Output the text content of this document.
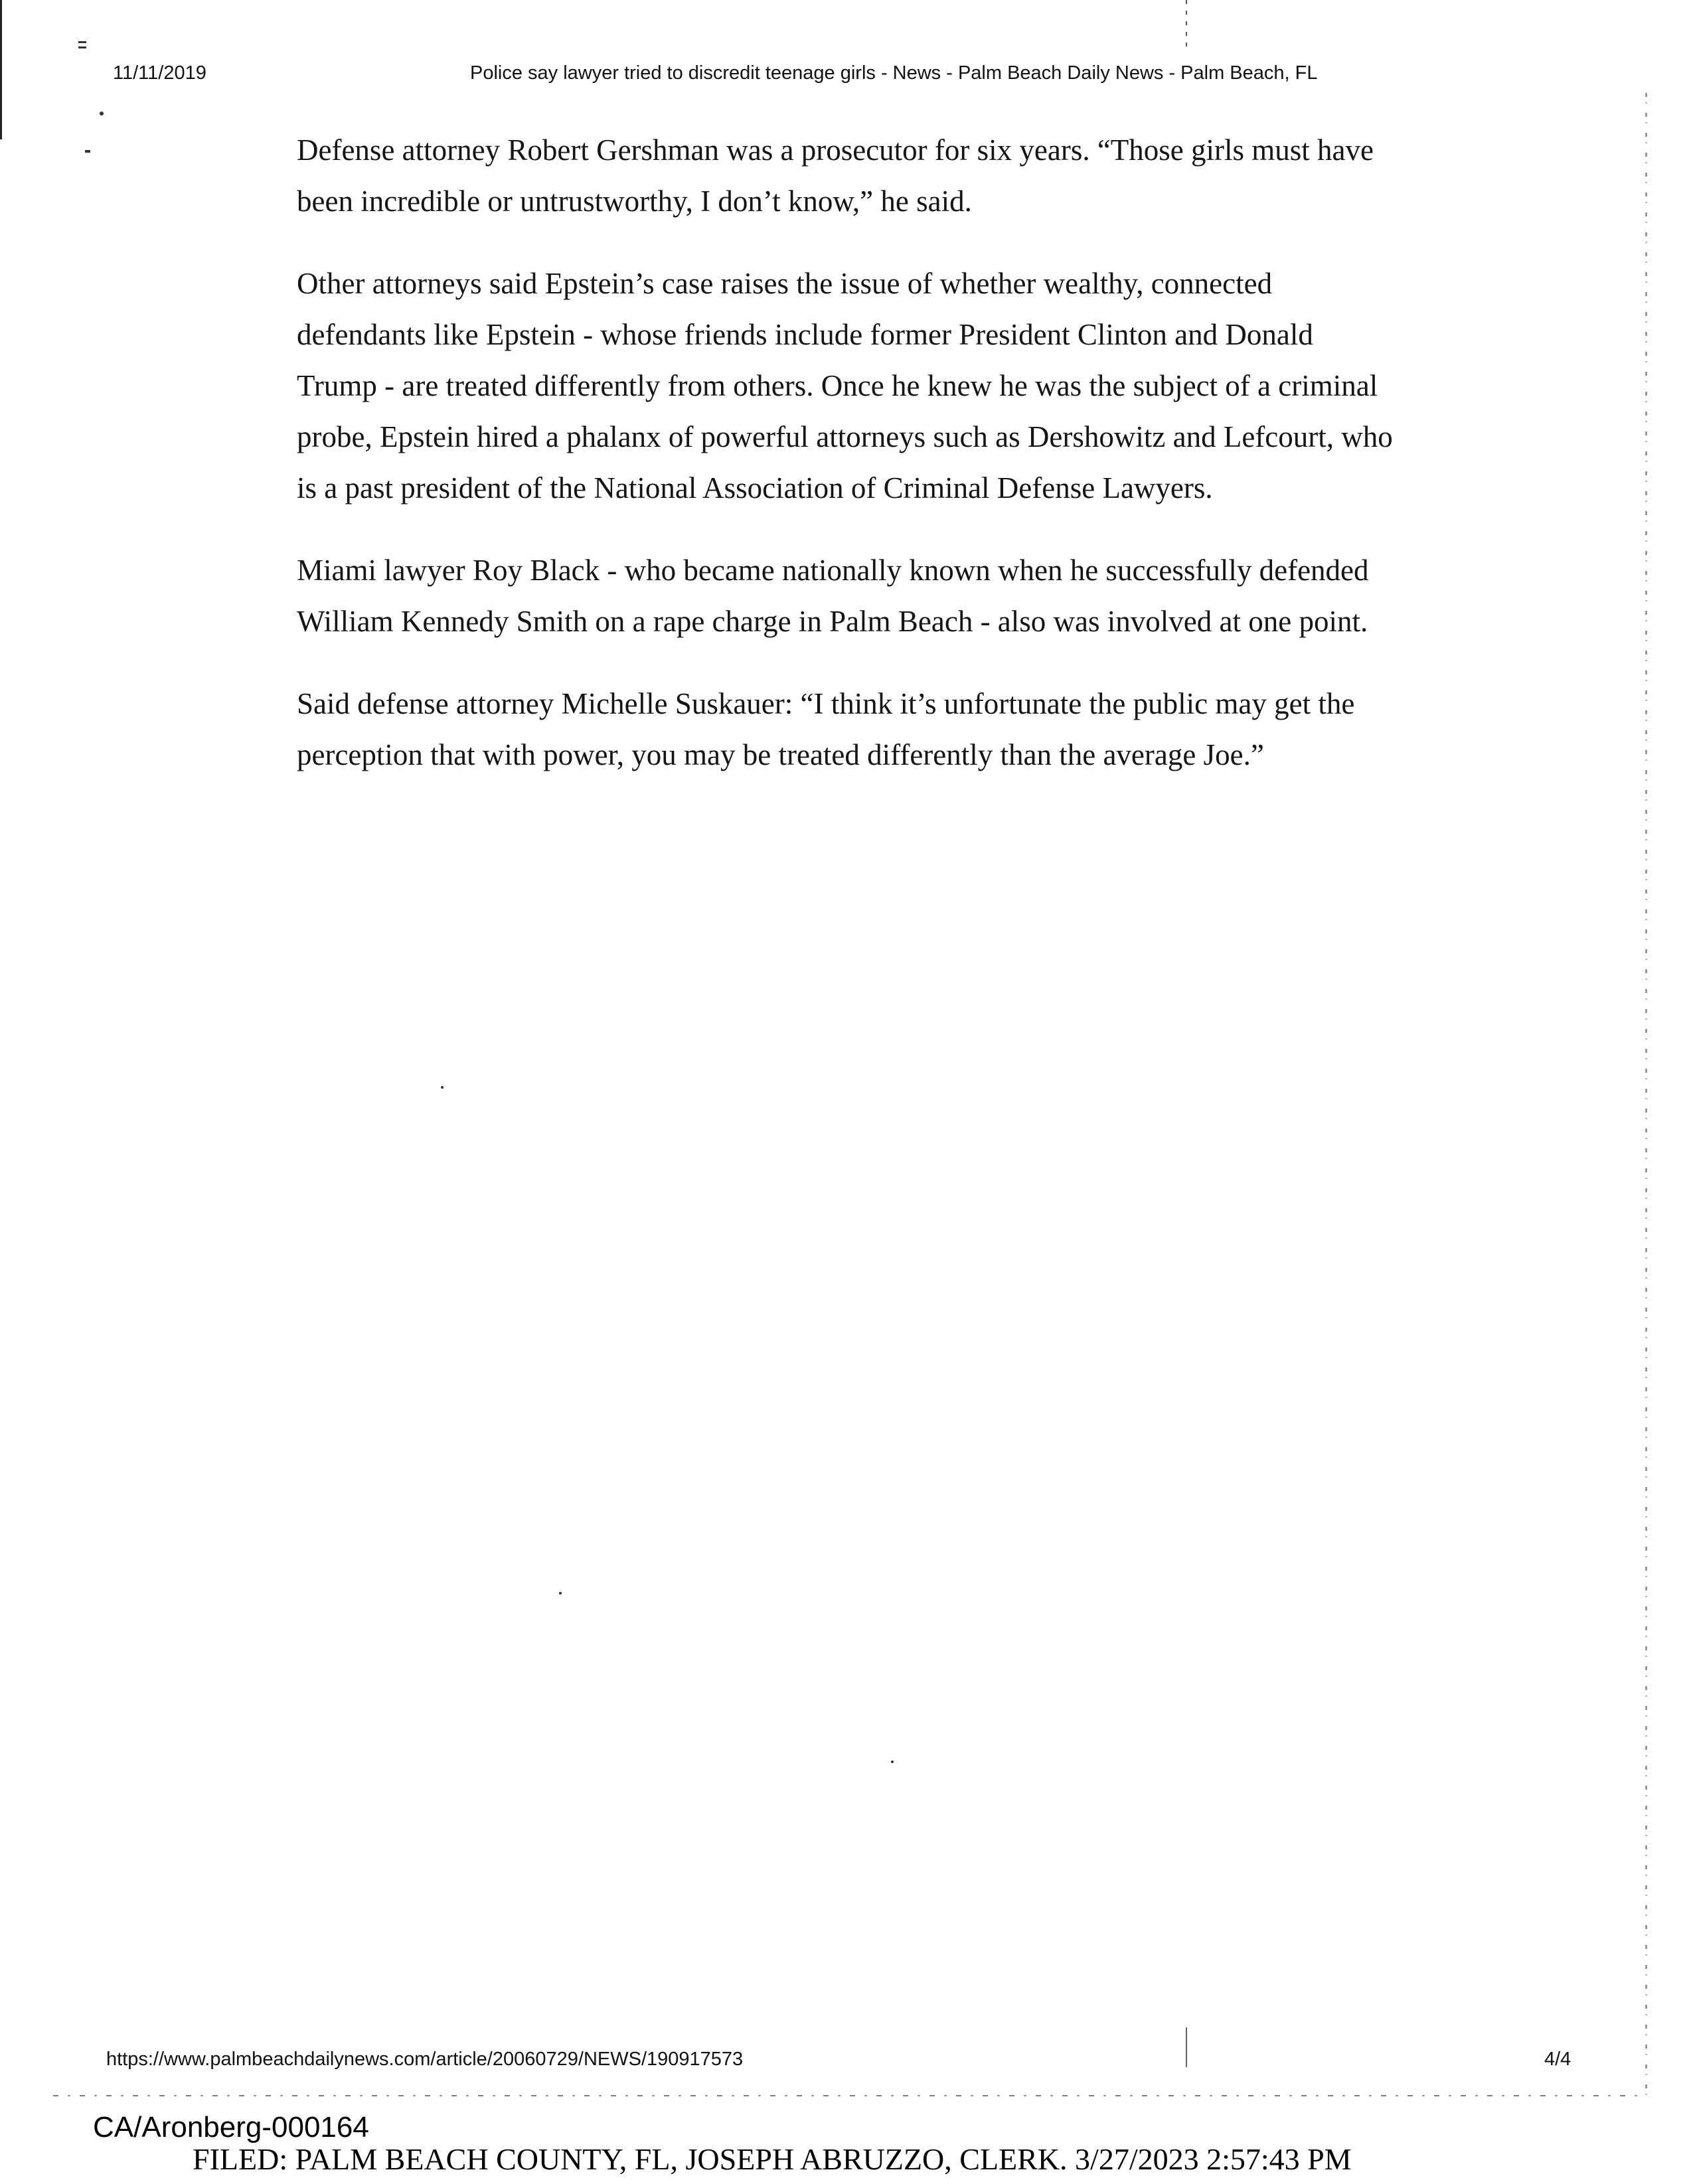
11/11/2019	Police say lawyer tried to discredit teenage girls - News - Palm Beach Daily News - Palm Beach, FL

Defense attorney Robert Gershman was a prosecutor for six years. “Those girls must have been incredible or untrustworthy, I don’t know,” he said.

Other attorneys said Epstein’s case raises the issue of whether wealthy, connected defendants like Epstein - whose friends include former President Clinton and Donald Trump - are treated differently from others. Once he knew he was the subject of a criminal probe, Epstein hired a phalanx of powerful attorneys such as Dershowitz and Lefcourt, who is a past president of the National Association of Criminal Defense Lawyers.

Miami lawyer Roy Black - who became nationally known when he successfully defended William Kennedy Smith on a rape charge in Palm Beach - also was involved at one point.

Said defense attorney Michelle Suskauer: “I think it’s unfortunate the public may get the perception that with power, you may be treated differently than the average Joe.”

https://www.palmbeachdailynews.com/article/20060729/NEWS/190917573	4/4
CA/Aronberg-000164
FILED: PALM BEACH COUNTY, FL, JOSEPH ABRUZZO, CLERK. 3/27/2023 2:57:43 PM
